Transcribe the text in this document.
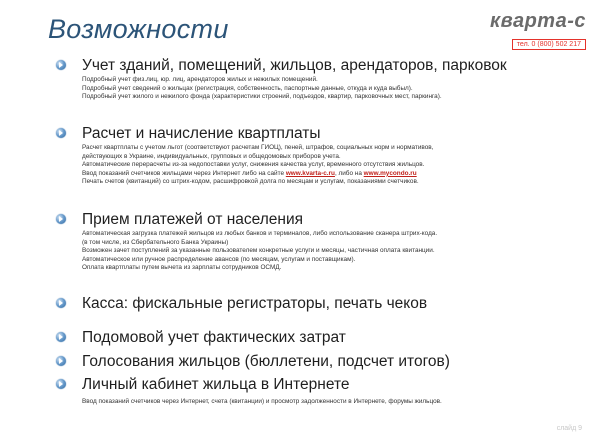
Возможности	кварта-с
тел. 0 (800) 502 217
Учет зданий, помещений, жильцов, арендаторов, парковок
Подробный учет физ.лиц, юр. лиц, арендаторов жилых и нежилых помещений.
Подробный учет сведений о жильцах (регистрация, собственность, паспортные данные, откуда и куда выбыл).
Подробный учет жилого и нежилого фонда (характеристики строений, подъездов, квартир, парковочных мест, паркинга).
Расчет и начисление квартплаты
Расчет квартплаты с учетом льгот (соответствуют расчетам ГИОЦ), пеней, штрафов, социальных норм и нормативов,
действующих в Украине, индивидуальных, групповых и общедомовых приборов учета.
Автоматические перерасчеты из-за недопоставки услуг, снижения качества услуг, временного отсутствия жильцов.
Ввод показаний счетчиков жильцами через Интернет либо на сайте www.kvarta-c.ru, либо на www.mycondo.ru
Печать счетов (квитанций) со штрих-кодом, расшифровкой долга по месяцам и услугам, показаниями счетчиков.
Прием платежей от населения
Автоматическая загрузка платежей жильцов из любых банков и терминалов, либо использование сканера штрих-кода.
(в том числе, из Сбербательного Банка Украины)
Возможен зачет поступлений за указанные пользователем конкретные услуги и месяцы, частичная оплата квитанции.
Автоматическое или ручное распределение авансов (по месяцам, услугам и поставщикам).
Оплата квартплаты путем вычета из зарплаты сотрудников ОСМД.
Касса: фискальные регистраторы, печать чеков
Подомовой учет фактических затрат
Голосования жильцов (бюллетени, подсчет итогов)
Личный кабинет жильца в Интернете
Ввод показаний счетчиков через Интернет, счета (квитанции) и просмотр задолженности в Интернете, форумы жильцов.
слайд 9
